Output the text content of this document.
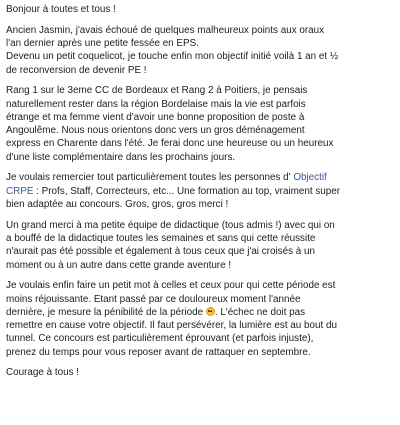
Bonjour à toutes et tous !
Ancien Jasmin, j'avais échoué de quelques malheureux points aux oraux
l'an dernier après une petite fessée en EPS.
Devenu un petit coquelicot, je touche enfin mon objectif initié voilà 1 an et ½
de reconversion de devenir PE !
Rang 1 sur le 3eme CC de Bordeaux et Rang 2 à Poitiers, je pensais
naturellement rester dans la région Bordelaise mais la vie est parfois
étrange et ma femme vient d'avoir une bonne proposition de poste à
Angoulême. Nous nous orientons donc vers un gros déménagement
express en Charente dans l'été. Je ferai donc une heureuse ou un heureux
d'une liste complémentaire dans les prochains jours.
Je voulais remercier tout particulièrement toutes les personnes d' Objectif
CRPE : Profs, Staff, Correcteurs, etc... Une formation au top, vraiment super
bien adaptée au concours. Gros, gros, gros merci !
Un grand merci à ma petite équipe de didactique (tous admis !) avec qui on
a bouffé de la didactique toutes les semaines et sans qui cette réussite
n'aurait pas été possible et également à tous ceux que j'ai croisés à un
moment ou à un autre dans cette grande aventure !
Je voulais enfin faire un petit mot à celles et ceux pour qui cette période est
moins réjouissante. Etant passé par ce douloureux moment l'année
dernière, je mesure la pénibilité de la période
. L'échec ne doit pas
remettre en cause votre objectif. Il faut persévérer, la lumière est au bout du
tunnel. Ce concours est particulièrement éprouvant (et parfois injuste),
prenez du temps pour vous reposer avant de rattaquer en septembre.
Courage à tous !
